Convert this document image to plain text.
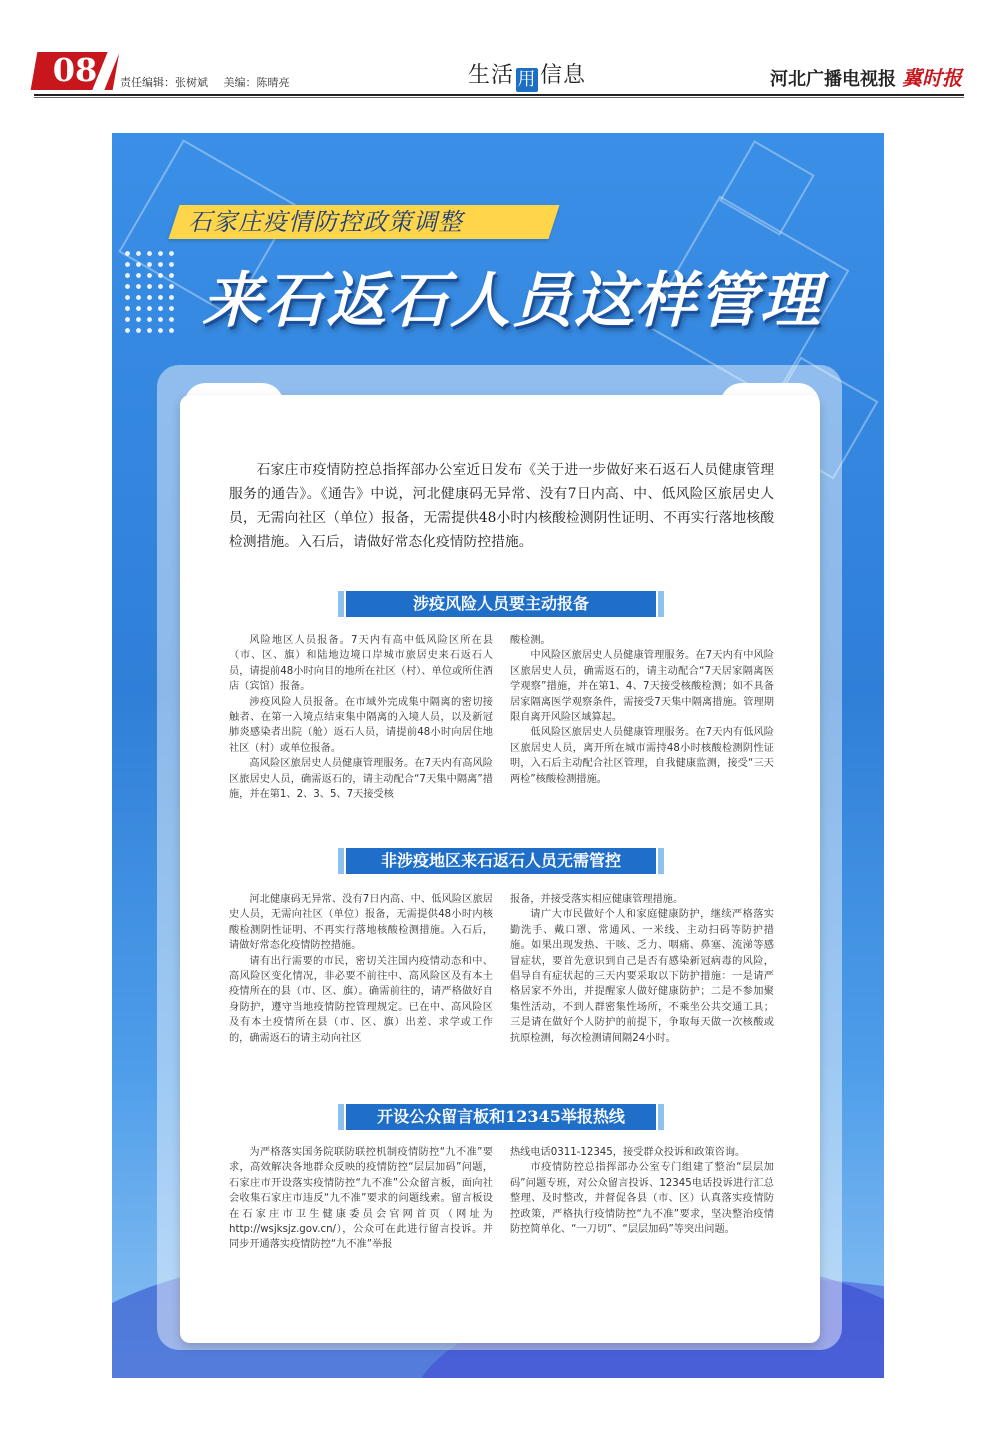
08	责任编辑：张树斌 美编：陈晴亮	生活 用 信息	河北广播电视报 冀时报
石家庄疫情防控政策调整
来石返石人员这样管理
石家庄市疫情防控总指挥部办公室近日发布《关于进一步做好来石返石人员健康管理服务的通告》。《通告》中说，河北健康码无异常、没有7日内高、中、低风险区旅居史人员，无需向社区（单位）报备，无需提供48小时内核酸检测阴性证明、不再实行落地核酸检测措施。入石后，请做好常态化疫情防控措施。
涉疫风险人员要主动报备

风险地区人员报备。7天内有高中低风险区所在县（市、区、旗）和陆地边境口岸城市旅居史来石返石人员，请提前48小时向目的地所在社区（村）、单位或所住酒店（宾馆）报备。

涉疫风险人员报备。在市域外完成集中隔离的密切接触者、在第一入境点结束集中隔离的入境人员，以及新冠肺炎感染者出院（舱）返石人员，请提前48小时向居住地社区（村）或单位报备。

高风险区旅居史人员健康管理服务。在7天内有高风险区旅居史人员，确需返石的，请主动配合“7天集中隔离”措施，并在第1、2、3、5、7天接受核

酸检测。

中风险区旅居史人员健康管理服务。在7天内有中风险区旅居史人员，确需返石的，请主动配合“7天居家隔离医学观察”措施，并在第1、4、7天接受核酸检测；如不具备居家隔离医学观察条件，需接受7天集中隔离措施。管理期限自离开风险区域算起。

低风险区旅居史人员健康管理服务。在7天内有低风险区旅居史人员，离开所在城市需持48小时核酸检测阴性证明，入石后主动配合社区管理，自我健康监测，接受“三天两检”核酸检测措施。

非涉疫地区来石返石人员无需管控

河北健康码无异常、没有7日内高、中、低风险区旅居史人员，无需向社区（单位）报备，无需提供48小时内核酸检测阴性证明、不再实行落地核酸检测措施。入石后，请做好常态化疫情防控措施。

请有出行需要的市民，密切关注国内疫情动态和中、高风险区变化情况，非必要不前往中、高风险区及有本土疫情所在的县（市、区、旗）。确需前往的，请严格做好自身防护，遵守当地疫情防控管理规定。已在中、高风险区及有本土疫情所在县（市、区、旗）出差、求学或工作的，确需返石的请主动向社区

报备，并接受落实相应健康管理措施。

请广大市民做好个人和家庭健康防护，继续严格落实勤洗手、戴口罩、常通风、一米线、主动扫码等防护措施。如果出现发热、干咳、乏力、咽痛、鼻塞、流涕等感冒症状，要首先意识到自己是否有感染新冠病毒的风险，倡导自有症状起的三天内要采取以下防护措施：一是请严格居家不外出，并提醒家人做好健康防护；二是不参加聚集性活动，不到人群密集性场所，不乘坐公共交通工具；三是请在做好个人防护的前提下，争取每天做一次核酸或抗原检测，每次检测请间隔24小时。

开设公众留言板和12345举报热线

为严格落实国务院联防联控机制疫情防控“九不准”要求，高效解决各地群众反映的疫情防控“层层加码”问题，石家庄市开设落实疫情防控“九不准”公众留言板，面向社会收集石家庄市违反“九不准”要求的问题线索。留言板设在石家庄市卫生健康委员会官网首页（网址为http://wsjksjz.gov.cn/），公众可在此进行留言投诉。并同步开通落实疫情防控“九不准”举报

热线电话0311-12345，接受群众投诉和政策咨询。

市疫情防控总指挥部办公室专门组建了整治“层层加码”问题专班，对公众留言投诉、12345电话投诉进行汇总整理、及时整改，并督促各县（市、区）认真落实疫情防控政策，严格执行疫情防控“九不准”要求，坚决整治疫情防控简单化、“一刀切”、“层层加码”等突出问题。
